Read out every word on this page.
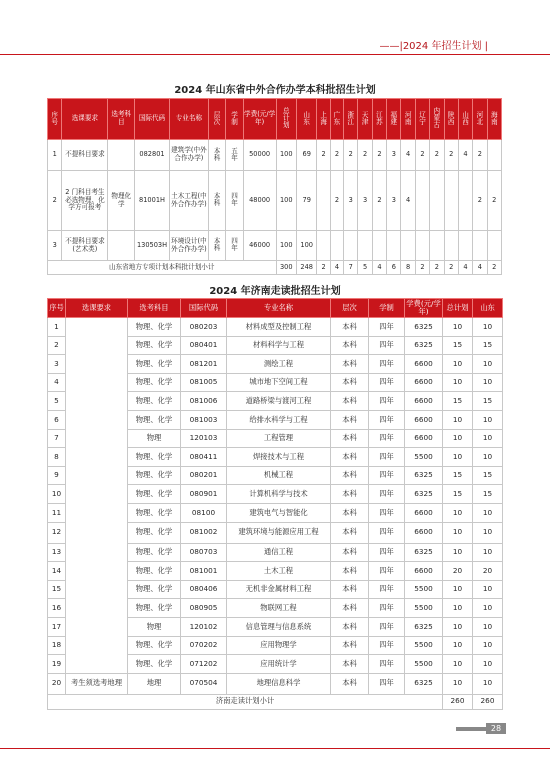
——|2024 年招生计划 |
2024 年山东省中外合作办学本科批招生计划
序号	选课要求	选考科目	国际代码	专业名称	层次	学制	学费(元/学年)	总计划	山东	上海	广东	浙江	天津	江苏	福建	河南	辽宁	内蒙古	陕西	山西	河北	海南
1	不提科目要求		082801	建筑学(中外合作办学)	本科	五年	50000	100	69	2	2	2	2	2	3	4	2	2	2	4	2	
2	2 门科目考生必选物理、化学方可报考	物理化学	81001H	土木工程(中外合作办学)	本科	四年	48000	100	79		2	3	3	2	3	4					2	2
3	不提科目要求(艺术类)		130503H	环境设计(中外合作办学)	本科	四年	46000	100	100													
山东省地方专项计划本科批计划小计								300	248	2	4	7	5	4	6	8	2	2	2	4	4	2
2024 年济南走读批招生计划
序号	选课要求	选考科目	国际代码	专业名称	层次	学制	学费(元/学年)	总计划	山东
1		物理、化学	080203	材料成型及控制工程	本科	四年	6325	10	10
2		物理、化学	080401	材料科学与工程	本科	四年	6325	15	15
3		物理、化学	081201	测绘工程	本科	四年	6600	10	10
4		物理、化学	081005	城市地下空间工程	本科	四年	6600	10	10
5		物理、化学	081006	道路桥梁与渡河工程	本科	四年	6600	15	15
6		物理、化学	081003	给排水科学与工程	本科	四年	6600	10	10
7		物理	120103	工程管理	本科	四年	6600	10	10
8		物理、化学	080411	焊接技术与工程	本科	四年	5500	10	10
9		物理、化学	080201	机械工程	本科	四年	6325	15	15
10		物理、化学	080901	计算机科学与技术	本科	四年	6325	15	15
11		物理、化学	08100	建筑电气与智能化	本科	四年	6600	10	10
12		物理、化学	081002	建筑环境与能源应用工程	本科	四年	6600	10	10
13		物理、化学	080703	通信工程	本科	四年	6325	10	10
14		物理、化学	081001	土木工程	本科	四年	6600	20	20
15		物理、化学	080406	无机非金属材料工程	本科	四年	5500	10	10
16		物理、化学	080905	物联网工程	本科	四年	5500	10	10
17		物理	120102	信息管理与信息系统	本科	四年	6325	10	10
18		物理、化学	070202	应用物理学	本科	四年	5500	10	10
19		物理、化学	071202	应用统计学	本科	四年	5500	10	10
20	考生须选考地理	地理	070504	地理信息科学	本科	四年	6325	10	10
济南走读计划小计								260	260
28
